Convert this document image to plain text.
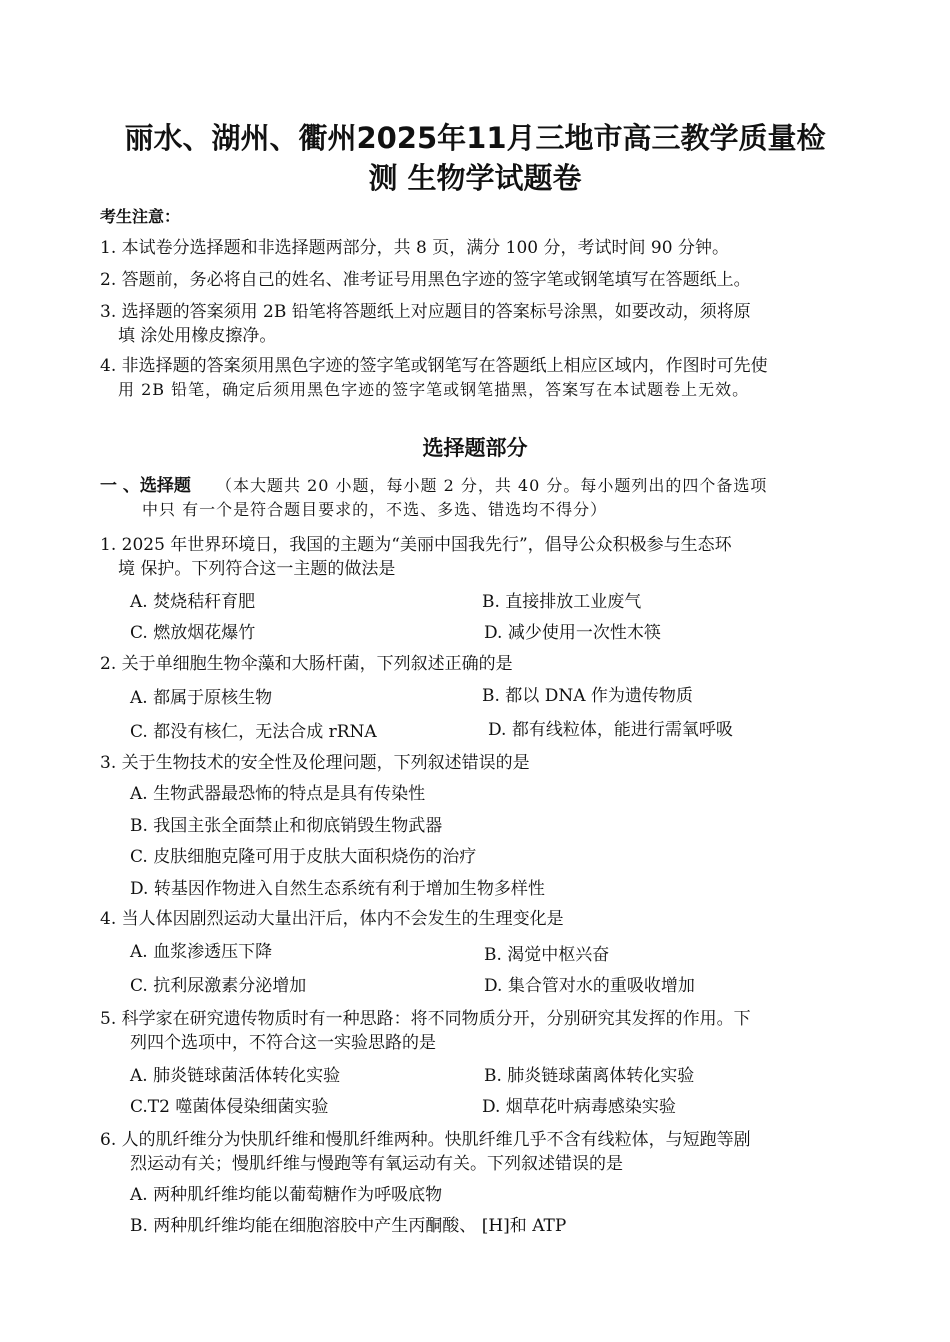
丽水、湖州、衢州2025年11月三地市高三教学质量检
测 生物学试题卷
考生注意：
1. 本试卷分选择题和非选择题两部分，共 8 页，满分 100 分，考试时间 90 分钟。
2. 答题前，务必将自己的姓名、准考证号用黑色字迹的签字笔或钢笔填写在答题纸上。
3. 选择题的答案须用 2B 铅笔将答题纸上对应题目的答案标号涂黑，如要改动，须将原
填 涂处用橡皮擦净。
4. 非选择题的答案须用黑色字迹的签字笔或钢笔写在答题纸上相应区域内，作图时可先使
用 2B 铅笔，确定后须用黑色字迹的签字笔或钢笔描黑，答案写在本试题卷上无效。
选择题部分
一 、选择题 （本大题共 20 小题，每小题 2 分，共 40 分。每小题列出的四个备选项
中只 有一个是符合题目要求的，不选、多选、错选均不得分）
1. 2025 年世界环境日，我国的主题为“美丽中国我先行”，倡导公众积极参与生态环
境 保护。下列符合这一主题的做法是
A. 焚烧秸秆育肥	B. 直接排放工业废气
C. 燃放烟花爆竹	D. 减少使用一次性木筷
2. 关于单细胞生物伞藻和大肠杆菌，下列叙述正确的是
A. 都属于原核生物	B. 都以 DNA 作为遗传物质
C. 都没有核仁，无法合成 rRNA	D. 都有线粒体，能进行需氧呼吸
3. 关于生物技术的安全性及伦理问题，下列叙述错误的是
A. 生物武器最恐怖的特点是具有传染性
B. 我国主张全面禁止和彻底销毁生物武器
C. 皮肤细胞克隆可用于皮肤大面积烧伤的治疗
D. 转基因作物进入自然生态系统有利于增加生物多样性
4. 当人体因剧烈运动大量出汗后，体内不会发生的生理变化是
A. 血浆渗透压下降	B. 渴觉中枢兴奋
C. 抗利尿激素分泌增加	D. 集合管对水的重吸收增加
5. 科学家在研究遗传物质时有一种思路：将不同物质分开，分别研究其发挥的作用。下
列四个选项中，不符合这一实验思路的是
A. 肺炎链球菌活体转化实验	B. 肺炎链球菌离体转化实验
C.T2 噬菌体侵染细菌实验	D. 烟草花叶病毒感染实验
6. 人的肌纤维分为快肌纤维和慢肌纤维两种。快肌纤维几乎不含有线粒体，与短跑等剧
烈运动有关；慢肌纤维与慢跑等有氧运动有关。下列叙述错误的是
A. 两种肌纤维均能以葡萄糖作为呼吸底物
B. 两种肌纤维均能在细胞溶胶中产生丙酮酸、 [H]和 ATP
